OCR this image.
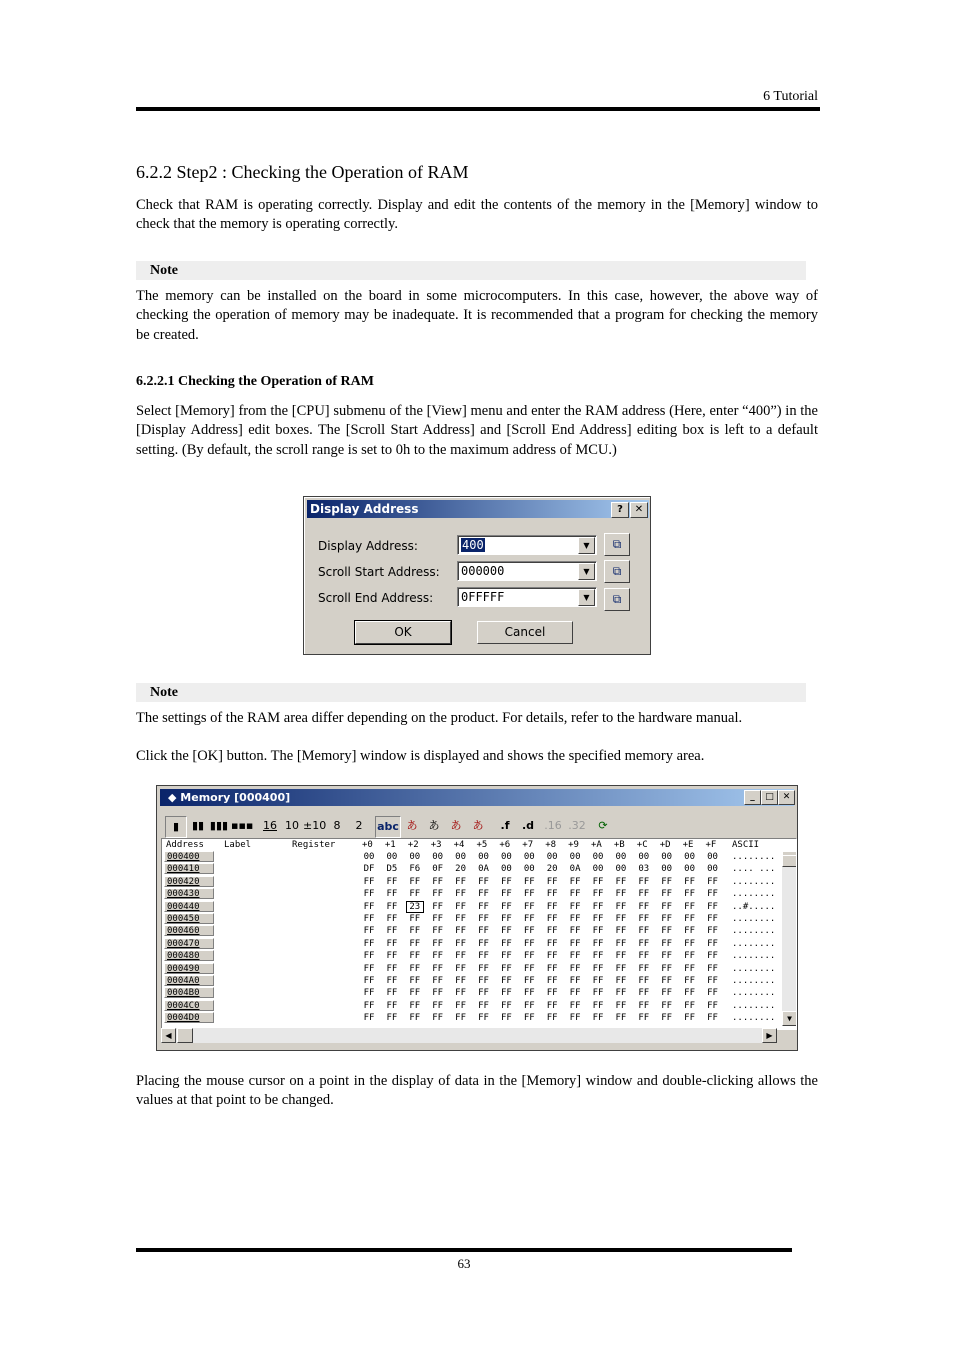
6 Tutorial
6.2.2 Step2 : Checking the Operation of RAM
Check that RAM is operating correctly. Display and edit the contents of the memory in the [Memory] window to check that the memory is operating correctly.
Note
The memory can be installed on the board in some microcomputers. In this case, however, the above way of checking the operation of memory may be inadequate. It is recommended that a program for checking the memory be created.
6.2.2.1 Checking the Operation of RAM
Select [Memory] from the [CPU] submenu of the [View] menu and enter the RAM address (Here, enter “400”) in the [Display Address] edit boxes. The [Scroll Start Address] and [Scroll End Address] editing box is left to a default setting. (By default, the scroll range is set to 0h to the maximum address of MCU.)
Display Address	?	✕
Display Address:	400	▼	⧉
Scroll Start Address: 000000	▼	⧉
Scroll End Address: 0FFFFF	▼	⧉
OK	Cancel
Note
The settings of the RAM area differ depending on the product. For details, refer to the hardware manual.
Click the [OK] button. The [Memory] window is displayed and shows the specified memory area.
◆ Memory [000400]	_	□ ✕
▮	▮▮ ▮▮▮ ▪▪▪ 16 10 ±10 8	2	abc あ	あ	あ	あ	.f	.d .16 .32	⟳
Address Label	Register	ASCII
▼
+0 +1 +2 +3 +4 +5 +6 +7 +8 +9 +A +B +C +D +E +F
000400	00	00	00	00	00	00	00	00	00	00	00	00	00	00	00	00	........
000410	DF	D5	F6	0F	20	0A	00	00	20	0A	00	00	03	00	00	00	.... ...
000420	FF	FF	FF	FF	FF	FF	FF	FF	FF	FF	FF	FF	FF	FF	FF	FF	........
000430	FF	FF	FF	FF	FF	FF	FF	FF	FF	FF	FF	FF	FF	FF	FF	FF	........
000440	FF	FF	23	FF	FF	FF	FF	FF	FF	FF	FF	FF	FF	FF	FF	FF	..#.....
000450	FF	FF	FF	FF	FF	FF	FF	FF	FF	FF	FF	FF	FF	FF	FF	FF	........
000460	FF	FF	FF	FF	FF	FF	FF	FF	FF	FF	FF	FF	FF	FF	FF	FF	........
000470	FF	FF	FF	FF	FF	FF	FF	FF	FF	FF	FF	FF	FF	FF	FF	FF	........
000480	FF	FF	FF	FF	FF	FF	FF	FF	FF	FF	FF	FF	FF	FF	FF	FF	........
000490	FF	FF	FF	FF	FF	FF	FF	FF	FF	FF	FF	FF	FF	FF	FF	FF	........
0004A0	FF	FF	FF	FF	FF	FF	FF	FF	FF	FF	FF	FF	FF	FF	FF	FF	........
0004B0	FF	FF	FF	FF	FF	FF	FF	FF	FF	FF	FF	FF	FF	FF	FF	FF	........
0004C0	FF	FF	FF	FF	FF	FF	FF	FF	FF	FF	FF	FF	FF	FF	FF	FF	........
0004D0	FF	FF	FF	FF	FF	FF	FF	FF	FF	FF	FF	FF	FF	FF	FF	FF	........
◀	▶
Placing the mouse cursor on a point in the display of data in the [Memory] window and double-clicking allows the values at that point to be changed.
63
